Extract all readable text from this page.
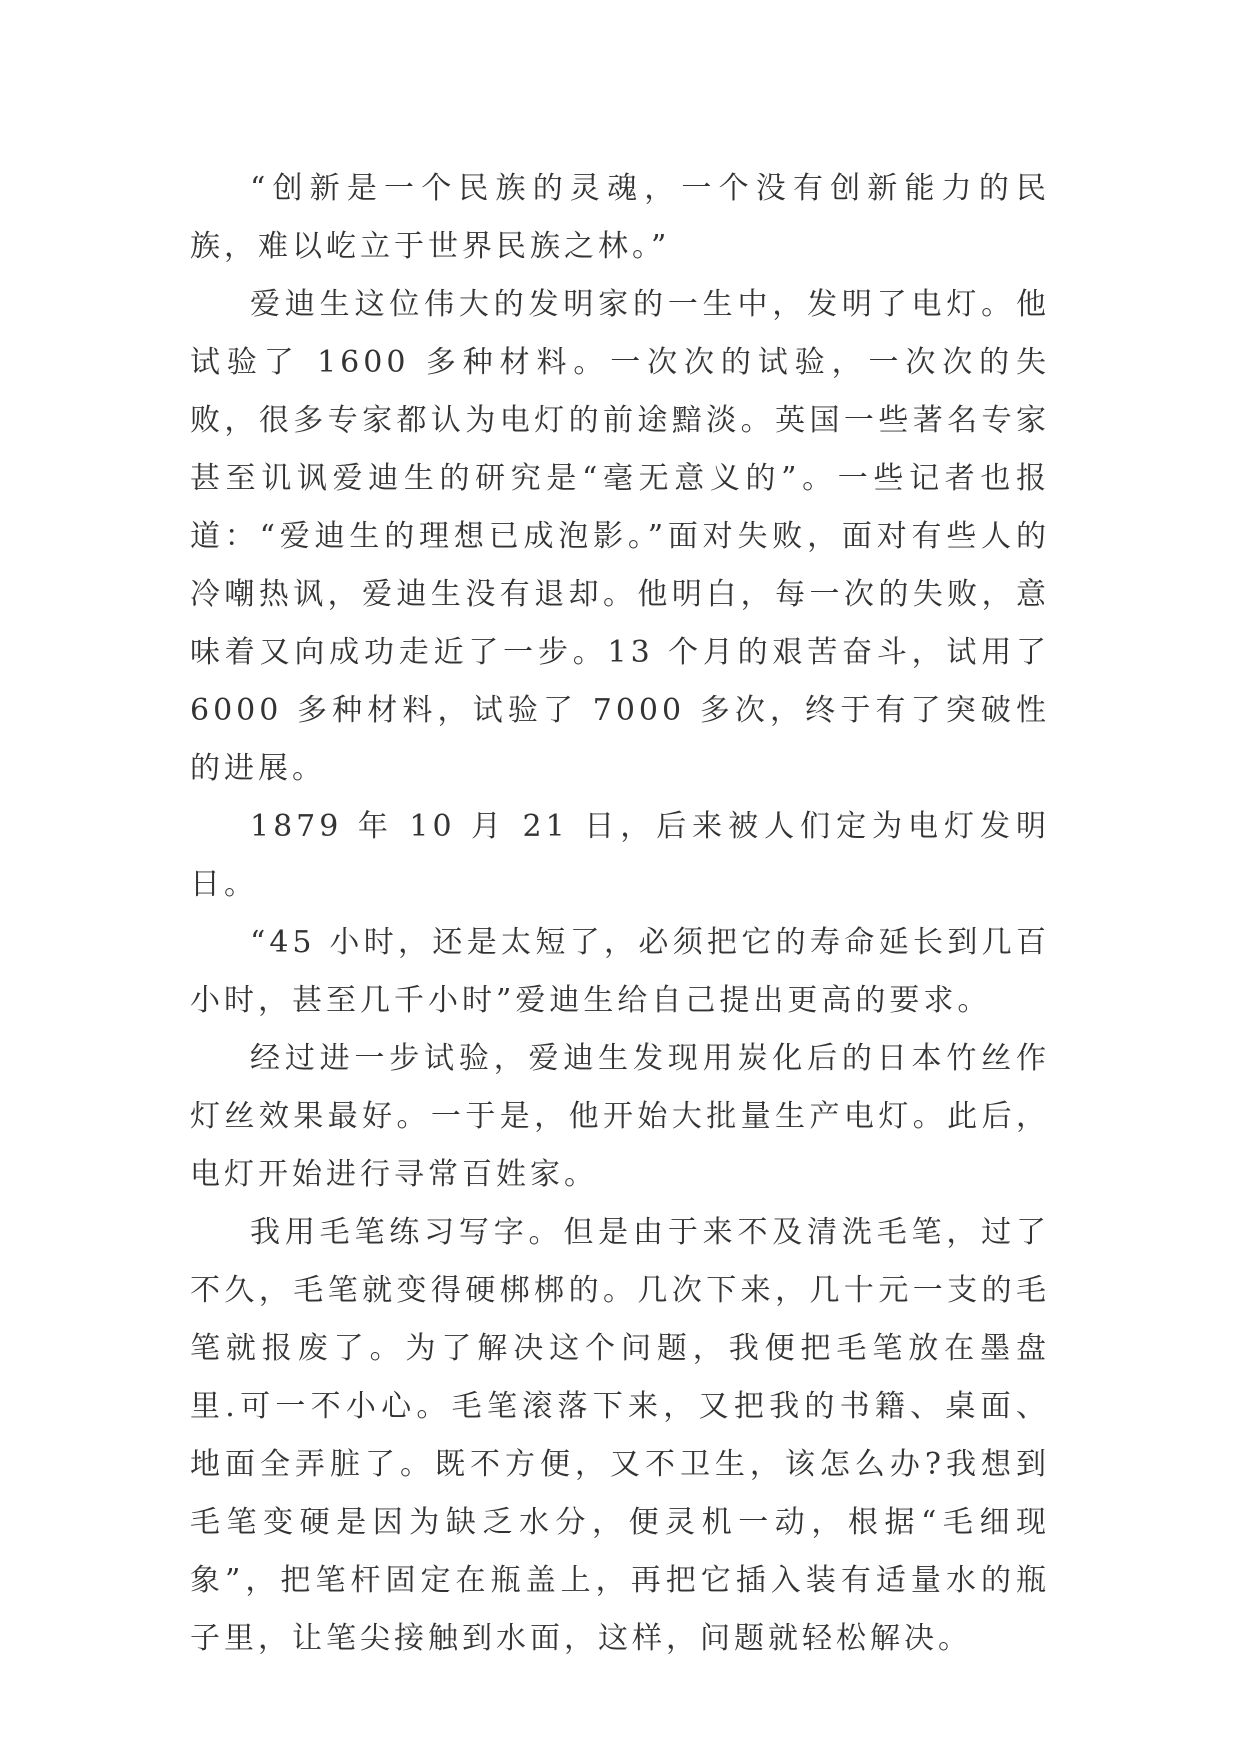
“创新是一个民族的灵魂，一个没有创新能力的民族，难以屹立于世界民族之林。”

爱迪生这位伟大的发明家的一生中，发明了电灯。他试验了 1600 多种材料。一次次的试验，一次次的失败，很多专家都认为电灯的前途黯淡。英国一些著名专家甚至讥讽爱迪生的研究是“毫无意义的”。一些记者也报道：“爱迪生的理想已成泡影。”面对失败，面对有些人的冷嘲热讽，爱迪生没有退却。他明白，每一次的失败，意味着又向成功走近了一步。13 个月的艰苦奋斗，试用了 6000 多种材料，试验了 7000 多次，终于有了突破性的进展。

1879 年 10 月 21 日，后来被人们定为电灯发明日。

“45 小时，还是太短了，必须把它的寿命延长到几百小时，甚至几千小时”爱迪生给自己提出更高的要求。

经过进一步试验，爱迪生发现用炭化后的日本竹丝作灯丝效果最好。一于是，他开始大批量生产电灯。此后，电灯开始进行寻常百姓家。

我用毛笔练习写字。但是由于来不及清洗毛笔，过了不久，毛笔就变得硬梆梆的。几次下来，几十元一支的毛笔就报废了。为了解决这个问题，我便把毛笔放在墨盘里.可一不小心。毛笔滚落下来，又把我的书籍、桌面、地面全弄脏了。既不方便，又不卫生，该怎么办?我想到毛笔变硬是因为缺乏水分，便灵机一动，根据“毛细现象”，把笔杆固定在瓶盖上，再把它插入装有适量水的瓶子里，让笔尖接触到水面，这样，问题就轻松解决。
